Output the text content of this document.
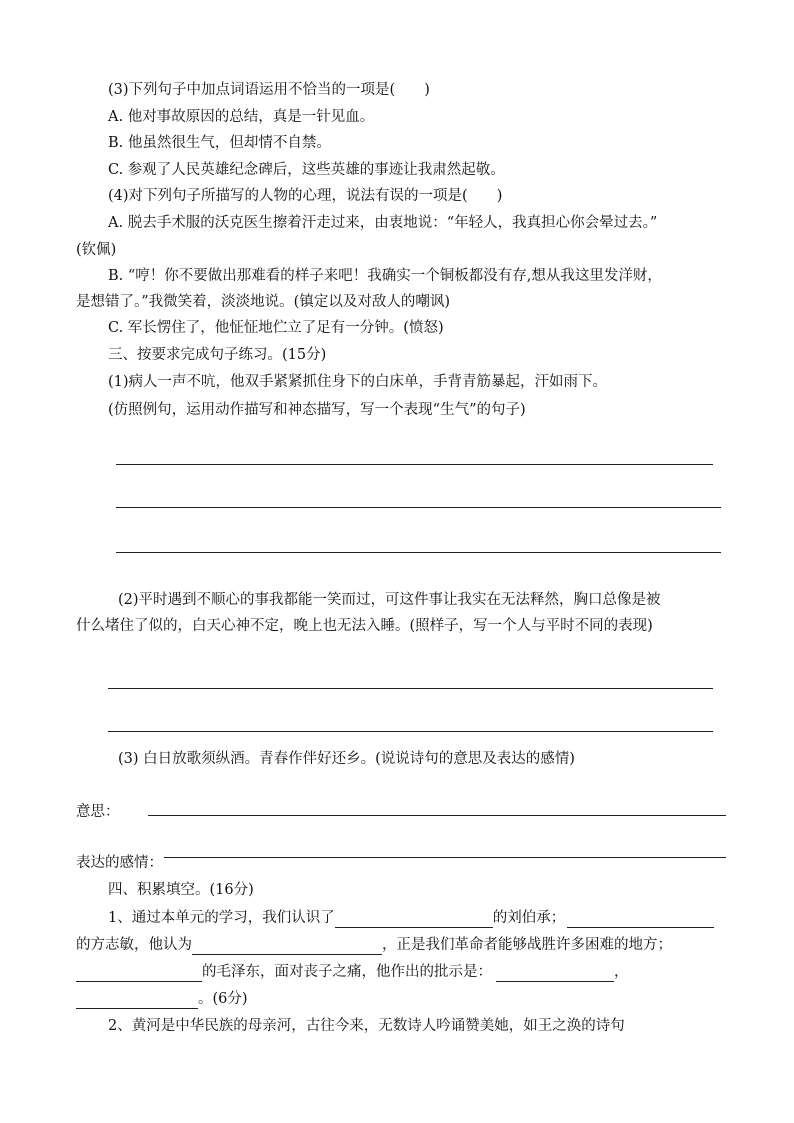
(3)下列句子中加点词语运用不恰当的一项是(　　)
A. 他对事故原因的总结，真是一针见血。
B. 他虽然很生气，但却情不自禁。
C. 参观了人民英雄纪念碑后，这些英雄的事迹让我肃然起敬。
(4)对下列句子所描写的人物的心理，说法有误的一项是(　　)
A. 脱去手术服的沃克医生擦着汗走过来，由衷地说：“年轻人，我真担心你会晕过去。”
(钦佩)
B. “哼！你不要做出那难看的样子来吧！我确实一个铜板都没有存,想从我这里发洋财，
是想错了。”我微笑着，淡淡地说。(镇定以及对敌人的嘲讽)
C. 军长愣住了，他怔怔地伫立了足有一分钟。(愤怒)
三、按要求完成句子练习。(15分)
(1)病人一声不吭，他双手紧紧抓住身下的白床单，手背青筋暴起，汗如雨下。
(仿照例句，运用动作描写和神态描写，写一个表现“生气”的句子)
(2)平时遇到不顺心的事我都能一笑而过，可这件事让我实在无法释然，胸口总像是被
什么堵住了似的，白天心神不定，晚上也无法入睡。(照样子，写一个人与平时不同的表现)
(3) 白日放歌须纵酒。青春作伴好还乡。(说说诗句的意思及表达的感情)
意思：
表达的感情：
四、积累填空。(16分)
1、通过本单元的学习，我们认识了	的刘伯承；
的方志敏，他认为	，正是我们革命者能够战胜许多困难的地方；
的毛泽东，面对丧子之痛，他作出的批示是：	，
。(6分)
2、黄河是中华民族的母亲河，古往今来，无数诗人吟诵赞美她，如王之涣的诗句
